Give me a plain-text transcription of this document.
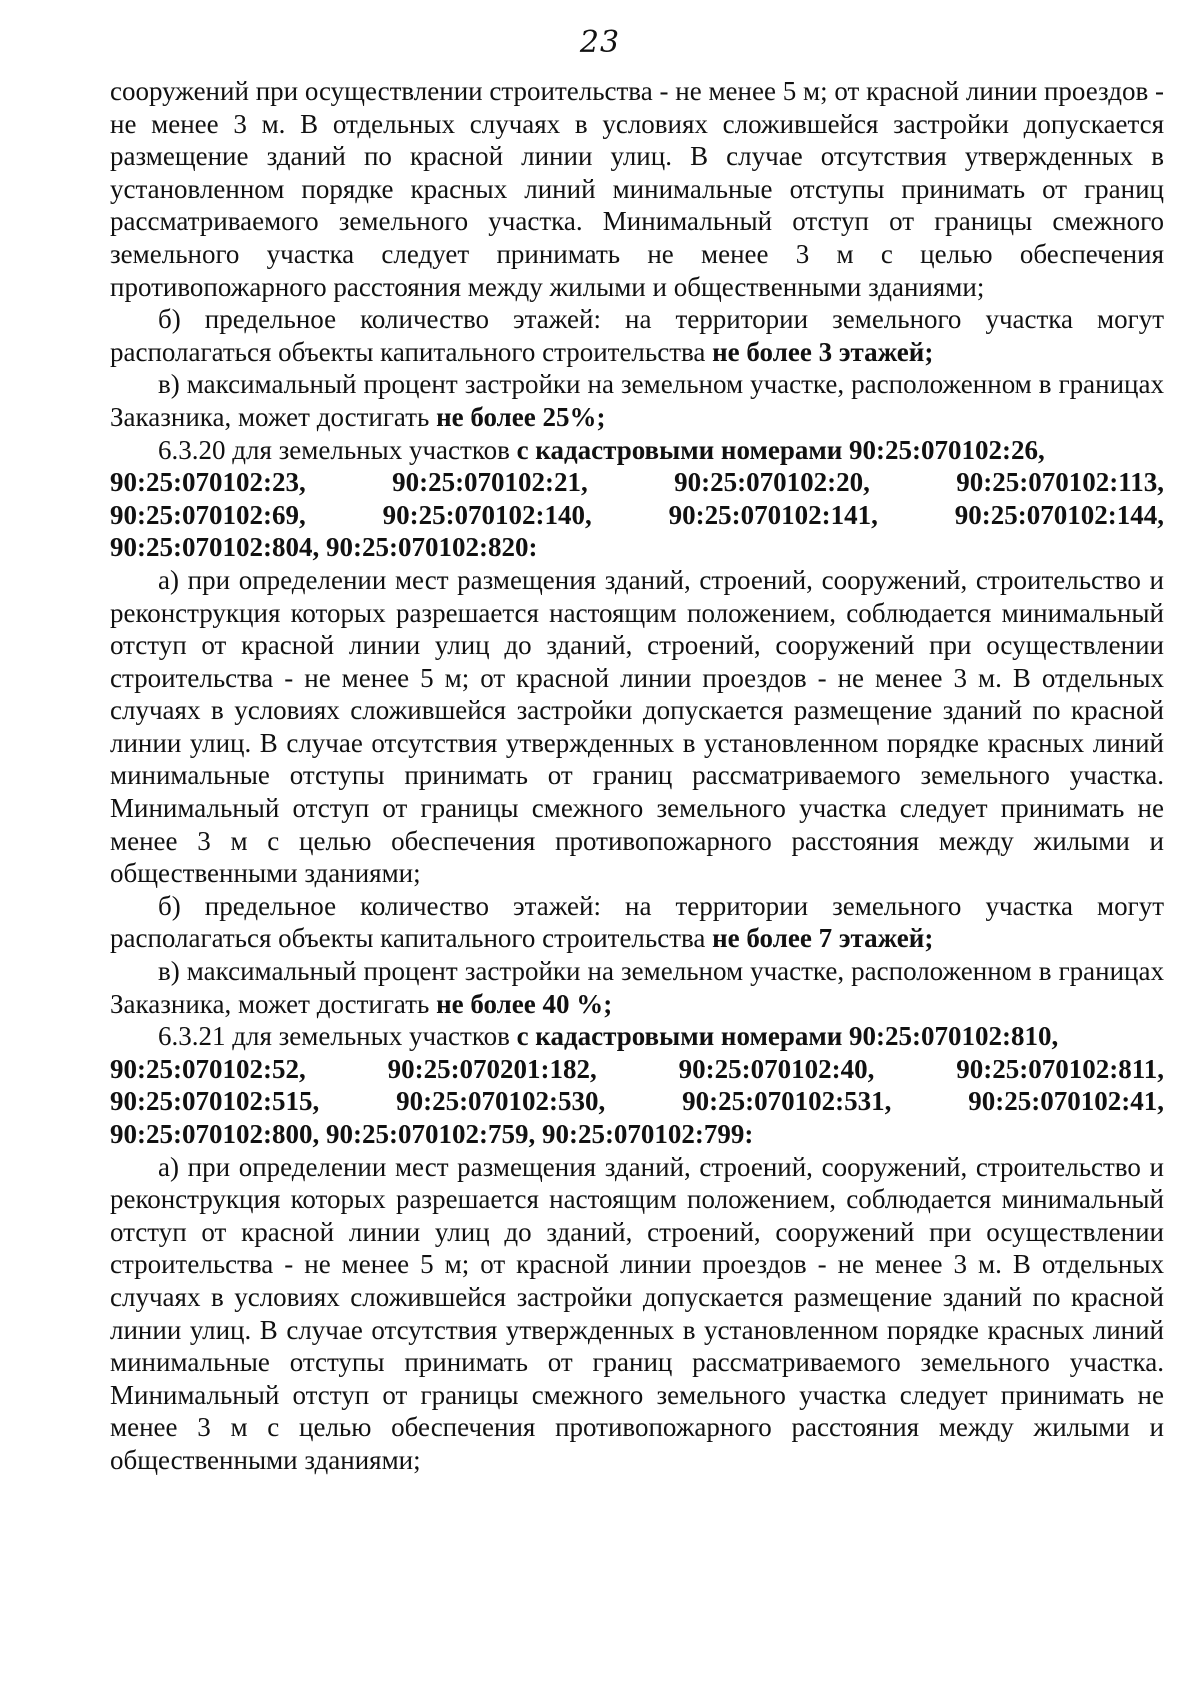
23

сооружений при осуществлении строительства - не менее 5 м; от красной линии проездов - не менее 3 м. В отдельных случаях в условиях сложившейся застройки допускается размещение зданий по красной линии улиц. В случае отсутствия утвержденных в установленном порядке красных линий минимальные отступы принимать от границ рассматриваемого земельного участка. Минимальный отступ от границы смежного земельного участка следует принимать не менее 3 м с целью обеспечения противопожарного расстояния между жилыми и общественными зданиями;

б) предельное количество этажей: на территории земельного участка могут располагаться объекты капитального строительства не более 3 этажей;

в) максимальный процент застройки на земельном участке, расположенном в границах Заказника, может достигать не более 25%;

6.3.20 для земельных участков с кадастровыми номерами 90:25:070102:26,

90:25:070102:23,	90:25:070102:21,	90:25:070102:20,	90:25:070102:113,
90:25:070102:69,	90:25:070102:140,	90:25:070102:141,	90:25:070102:144,

90:25:070102:804, 90:25:070102:820:

а) при определении мест размещения зданий, строений, сооружений, строительство и реконструкция которых разрешается настоящим положением, соблюдается минимальный отступ от красной линии улиц до зданий, строений, сооружений при осуществлении строительства - не менее 5 м; от красной линии проездов - не менее 3 м. В отдельных случаях в условиях сложившейся застройки допускается размещение зданий по красной линии улиц. В случае отсутствия утвержденных в установленном порядке красных линий минимальные отступы принимать от границ рассматриваемого земельного участка. Минимальный отступ от границы смежного земельного участка следует принимать не менее 3 м с целью обеспечения противопожарного расстояния между жилыми и общественными зданиями;

б) предельное количество этажей: на территории земельного участка могут располагаться объекты капитального строительства не более 7 этажей;

в) максимальный процент застройки на земельном участке, расположенном в границах Заказника, может достигать не более 40 %;

6.3.21 для земельных участков с кадастровыми номерами 90:25:070102:810,

90:25:070102:52,	90:25:070201:182,	90:25:070102:40,	90:25:070102:811,
90:25:070102:515,	90:25:070102:530,	90:25:070102:531,	90:25:070102:41,

90:25:070102:800, 90:25:070102:759, 90:25:070102:799:

а) при определении мест размещения зданий, строений, сооружений, строительство и реконструкция которых разрешается настоящим положением, соблюдается минимальный отступ от красной линии улиц до зданий, строений, сооружений при осуществлении строительства - не менее 5 м; от красной линии проездов - не менее 3 м. В отдельных случаях в условиях сложившейся застройки допускается размещение зданий по красной линии улиц. В случае отсутствия утвержденных в установленном порядке красных линий минимальные отступы принимать от границ рассматриваемого земельного участка. Минимальный отступ от границы смежного земельного участка следует принимать не менее 3 м с целью обеспечения противопожарного расстояния между жилыми и общественными зданиями;
